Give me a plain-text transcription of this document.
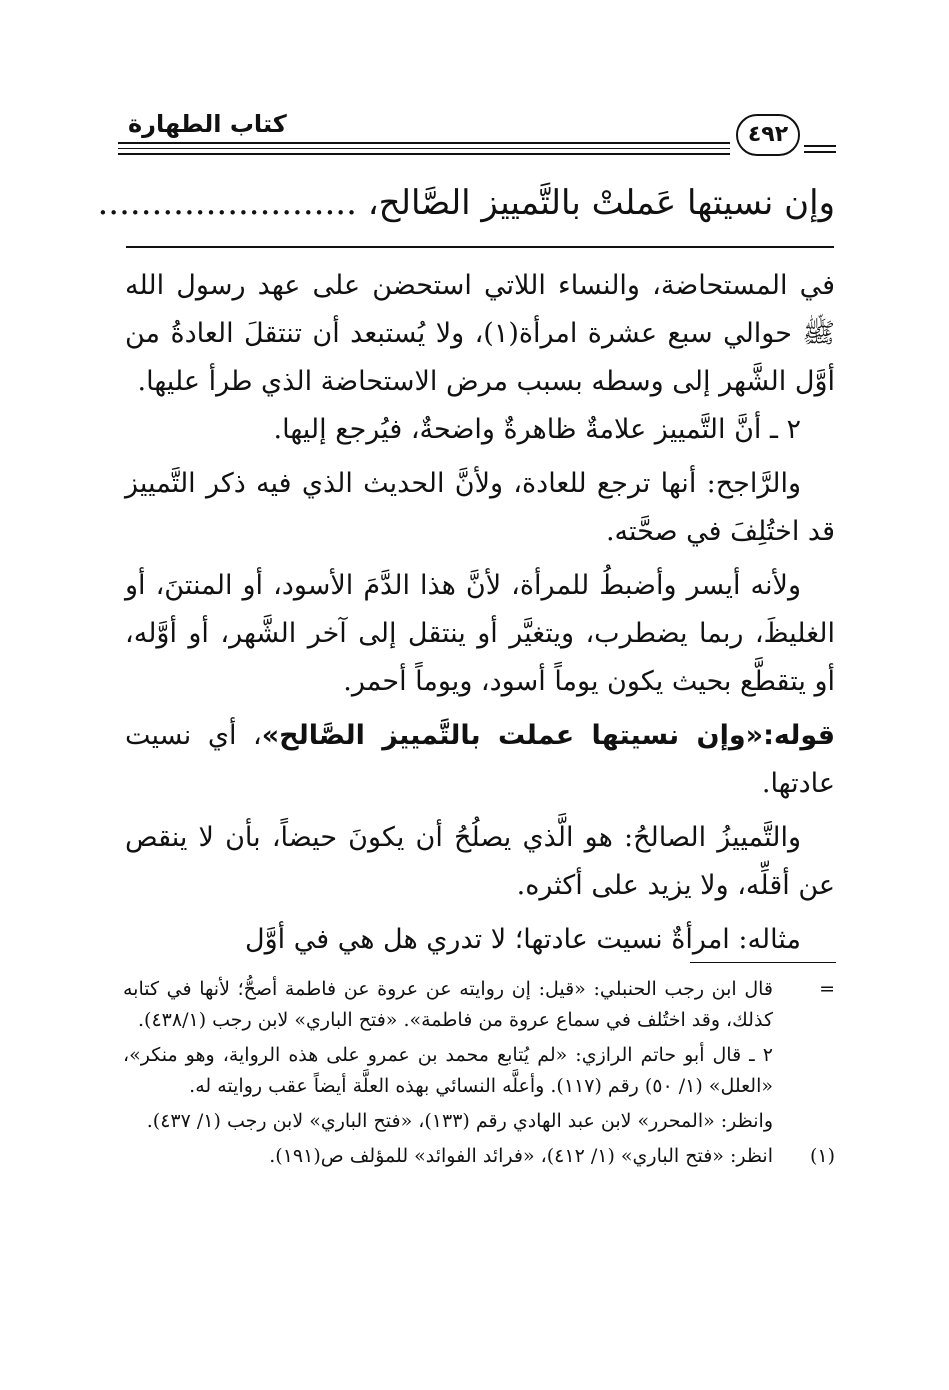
كتاب الطهارة	٤٩٢
وإن نسيتها عَملتْ بالتَّمييز الصَّالح، ........................

في المستحاضة، والنساء اللاتي استحضن على عهد رسول الله ﷺ حوالي سبع عشرة امرأة(١)، ولا يُستبعد أن تنتقلَ العادةُ من أوَّل الشَّهر إلى وسطه بسبب مرض الاستحاضة الذي طرأ عليها.

٢ ـ أنَّ التَّمييز علامةٌ ظاهرةٌ واضحةٌ، فيُرجع إليها.

والرَّاجح: أنها ترجع للعادة، ولأنَّ الحديث الذي فيه ذكر التَّمييز قد اختُلِفَ في صحَّته.

ولأنه أيسر وأضبطُ للمرأة، لأنَّ هذا الدَّمَ الأسود، أو المنتنَ، أو الغليظَ، ربما يضطرب، ويتغيَّر أو ينتقل إلى آخر الشَّهر، أو أوَّله، أو يتقطَّع بحيث يكون يوماً أسود، ويوماً أحمر.

قوله:«وإن نسيتها عملت بالتَّمييز الصَّالح»، أي نسيت عادتها.

والتَّمييزُ الصالحُ: هو الَّذي يصلُحُ أن يكونَ حيضاً، بأن لا ينقص عن أقلِّه، ولا يزيد على أكثره.

مثاله: امرأةٌ نسيت عادتها؛ لا تدري هل هي في أوَّل

=
قال ابن رجب الحنبلي: «قيل: إن روايته عن عروة عن فاطمة أصحُّ؛ لأنها في كتابه كذلك، وقد اختُلف في سماع عروة من فاطمة». «فتح الباري» لابن رجب (٤٣٨/١).
٢ ـ قال أبو حاتم الرازي: «لم يُتابع محمد بن عمرو على هذه الرواية، وهو منكر»، «العلل» (١/ ٥٠) رقم (١١٧). وأعلَّه النسائي بهذه العلَّة أيضاً عقب روايته له.
وانظر: «المحرر» لابن عبد الهادي رقم (١٣٣)، «فتح الباري» لابن رجب (١/ ٤٣٧).
(١)
انظر: «فتح الباري» (١/ ٤١٢)، «فرائد الفوائد» للمؤلف ص(١٩١).
